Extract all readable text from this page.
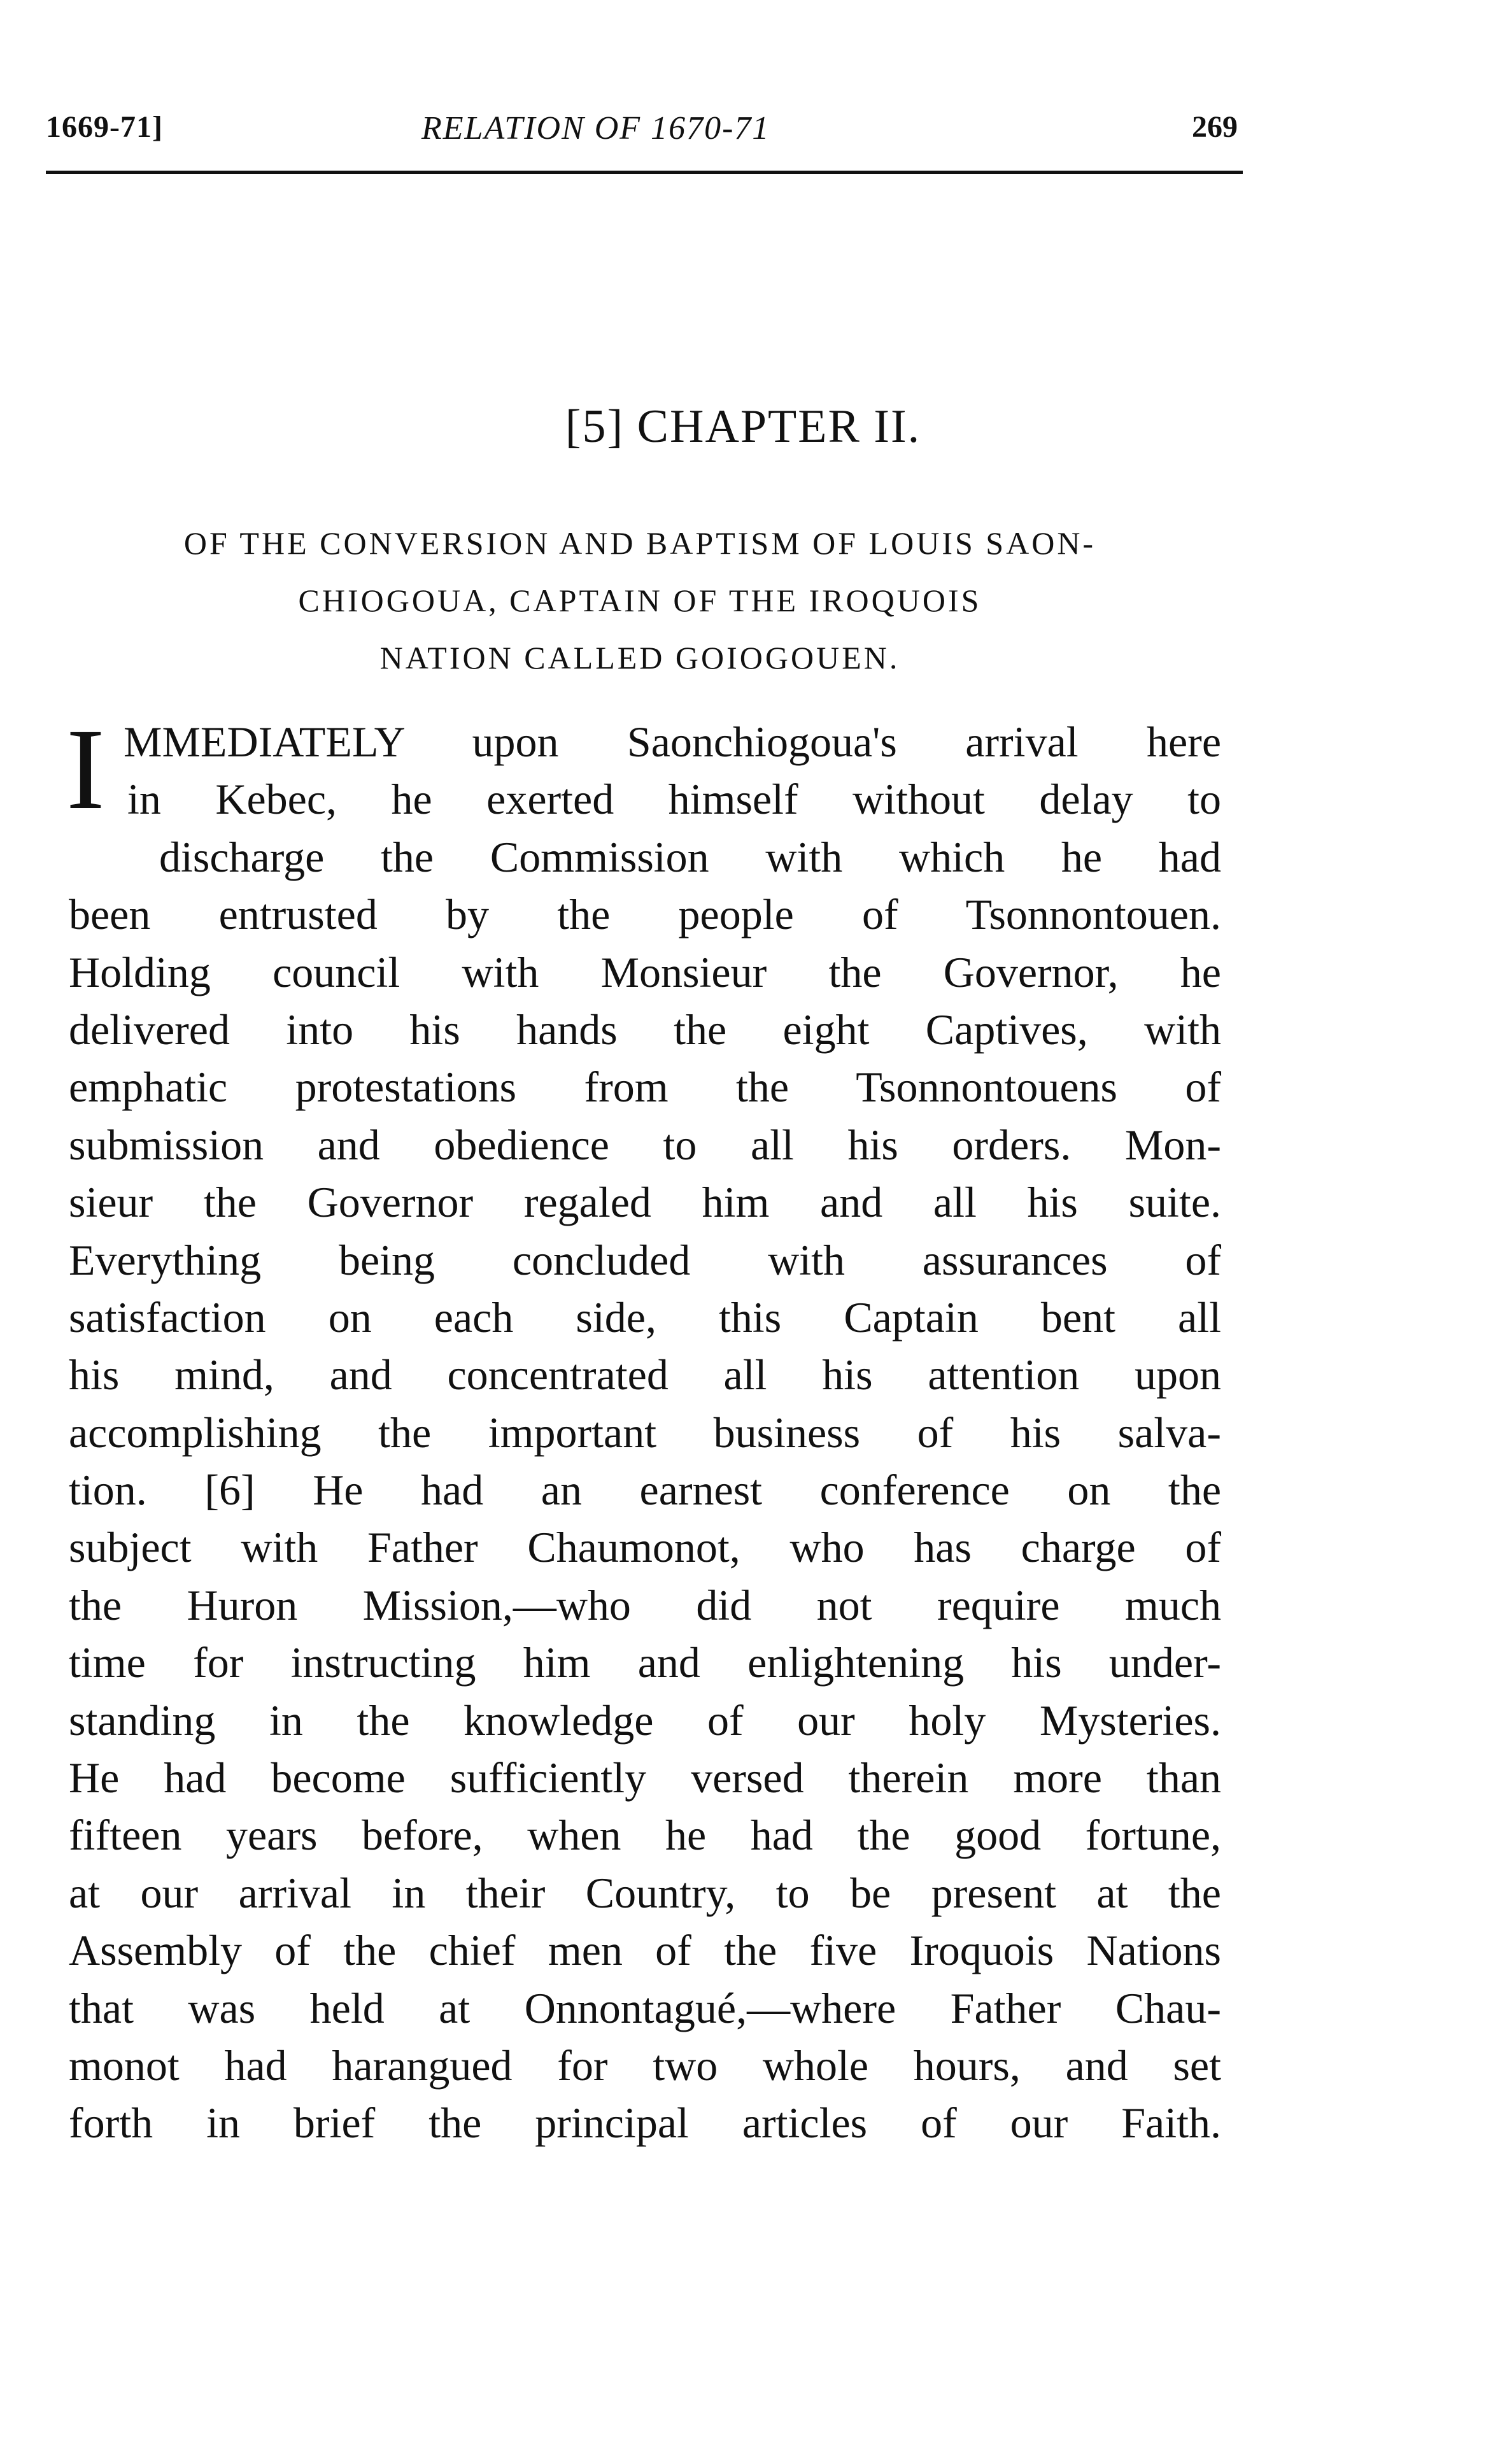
1669-71]	RELATION OF 1670-71	269
[5] CHAPTER II.
OF THE CONVERSION AND BAPTISM OF LOUIS SAON-
CHIOGOUA, CAPTAIN OF THE IROQUOIS
NATION CALLED GOIOGOUEN.
I MMEDIATELY upon Saonchiogoua's arrival here
in Kebec, he exerted himself without delay to
discharge the Commission with which he had
been entrusted by the people of Tsonnontouen.
Holding council with Monsieur the Governor, he
delivered into his hands the eight Captives, with
emphatic protestations from the Tsonnontouens of
submission and obedience to all his orders. Mon-
sieur the Governor regaled him and all his suite.
Everything being concluded with assurances of
satisfaction on each side, this Captain bent all
his mind, and concentrated all his attention upon
accomplishing the important business of his salva-
tion. [6] He had an earnest conference on the
subject with Father Chaumonot, who has charge of
the Huron Mission,—who did not require much
time for instructing him and enlightening his under-
standing in the knowledge of our holy Mysteries.
He had become sufficiently versed therein more than
fifteen years before, when he had the good fortune,
at our arrival in their Country, to be present at the
Assembly of the chief men of the five Iroquois Nations
that was held at Onnontagué,—where Father Chau-
monot had harangued for two whole hours, and set
forth in brief the principal articles of our Faith.
